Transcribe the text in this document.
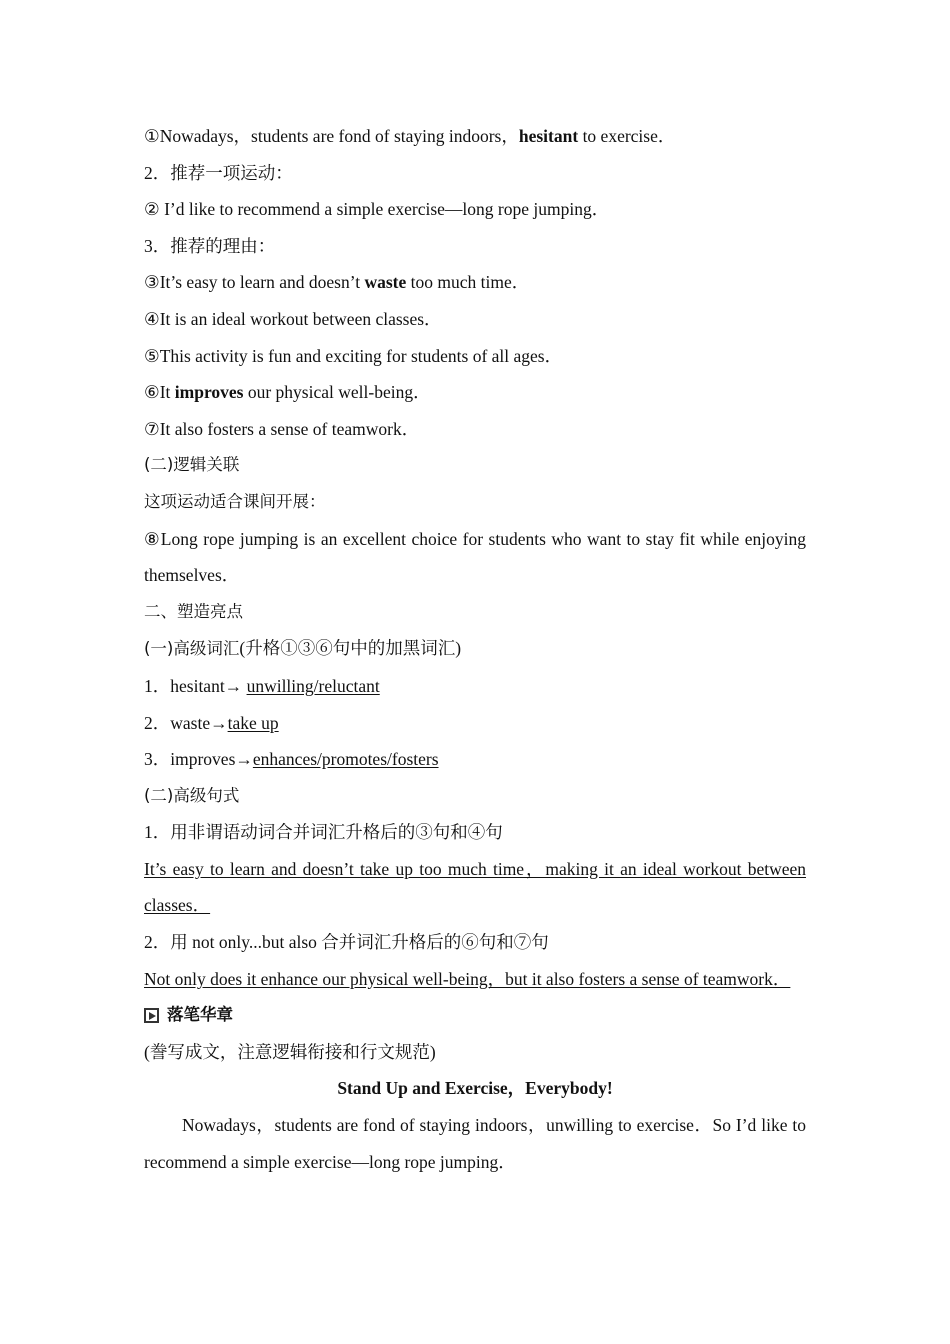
①Nowadays，students are fond of staying indoors，hesitant to exercise．
2．推荐一项运动：
② I’d like to recommend a simple exercise—long rope jumping．
3．推荐的理由：
③It’s easy to learn and doesn’t waste too much time．
④It is an ideal workout between classes．
⑤This activity is fun and exciting for students of all ages．
⑥It improves our physical well-being．
⑦It also fosters a sense of teamwork．
(二)逻辑关联
这项运动适合课间开展：
⑧Long rope jumping is an excellent choice for students who want to stay fit while enjoying themselves．
二、塑造亮点
(一)高级词汇(升格①③⑥句中的加黑词汇)
1．hesitant→ unwilling/reluctant
2．waste→take up
3．improves→enhances/promotes/fosters
(二)高级句式
1．用非谓语动词合并词汇升格后的③句和④句
It’s easy to learn and doesn’t take up too much time，making it an ideal workout between classes．
2．用 not only...but also 合并词汇升格后的⑥句和⑦句
Not only does it enhance our physical well-being，but it also fosters a sense of teamwork．
落笔华章
(誊写成文，注意逻辑衔接和行文规范)
Stand Up and Exercise，Everybody!
Nowadays，students are fond of staying indoors，unwilling to exercise．So I’d like to recommend a simple exercise—long rope jumping．
